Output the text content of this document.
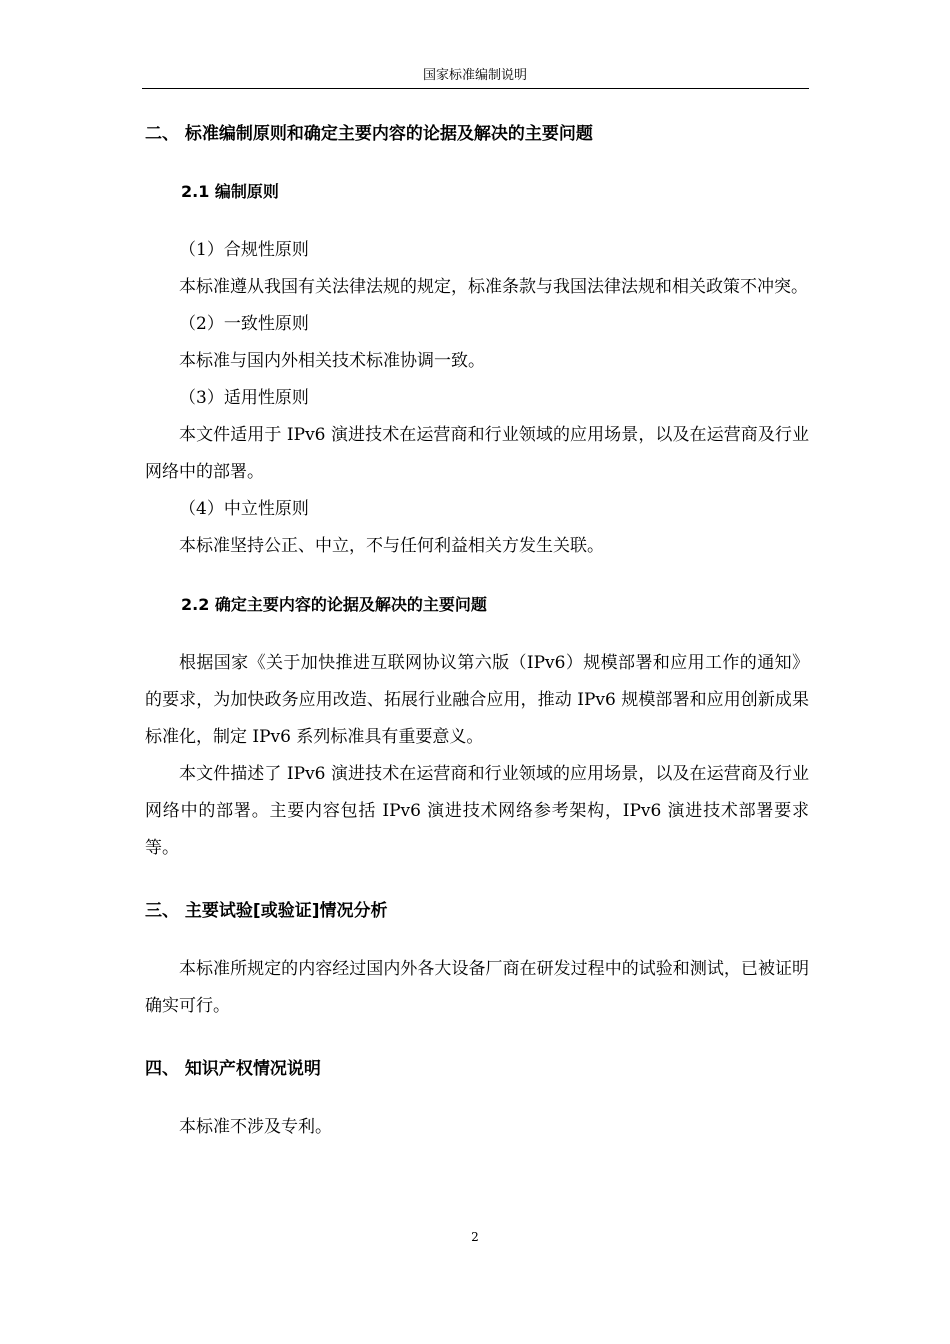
国家标准编制说明
二、 标准编制原则和确定主要内容的论据及解决的主要问题
2.1 编制原则

（1）合规性原则

本标准遵从我国有关法律法规的规定，标准条款与我国法律法规和相关政策不冲突。

（2）一致性原则

本标准与国内外相关技术标准协调一致。

（3）适用性原则

本文件适用于 IPv6 演进技术在运营商和行业领域的应用场景，以及在运营商及行业网络中的部署。

（4）中立性原则

本标准坚持公正、中立，不与任何利益相关方发生关联。

2.2 确定主要内容的论据及解决的主要问题

根据国家《关于加快推进互联网协议第六版（IPv6）规模部署和应用工作的通知》的要求，为加快政务应用改造、拓展行业融合应用，推动 IPv6 规模部署和应用创新成果标准化，制定 IPv6 系列标准具有重要意义。

本文件描述了 IPv6 演进技术在运营商和行业领域的应用场景，以及在运营商及行业网络中的部署。主要内容包括 IPv6 演进技术网络参考架构，IPv6 演进技术部署要求等。

三、 主要试验[或验证]情况分析

本标准所规定的内容经过国内外各大设备厂商在研发过程中的试验和测试，已被证明确实可行。

四、 知识产权情况说明

本标准不涉及专利。

2
